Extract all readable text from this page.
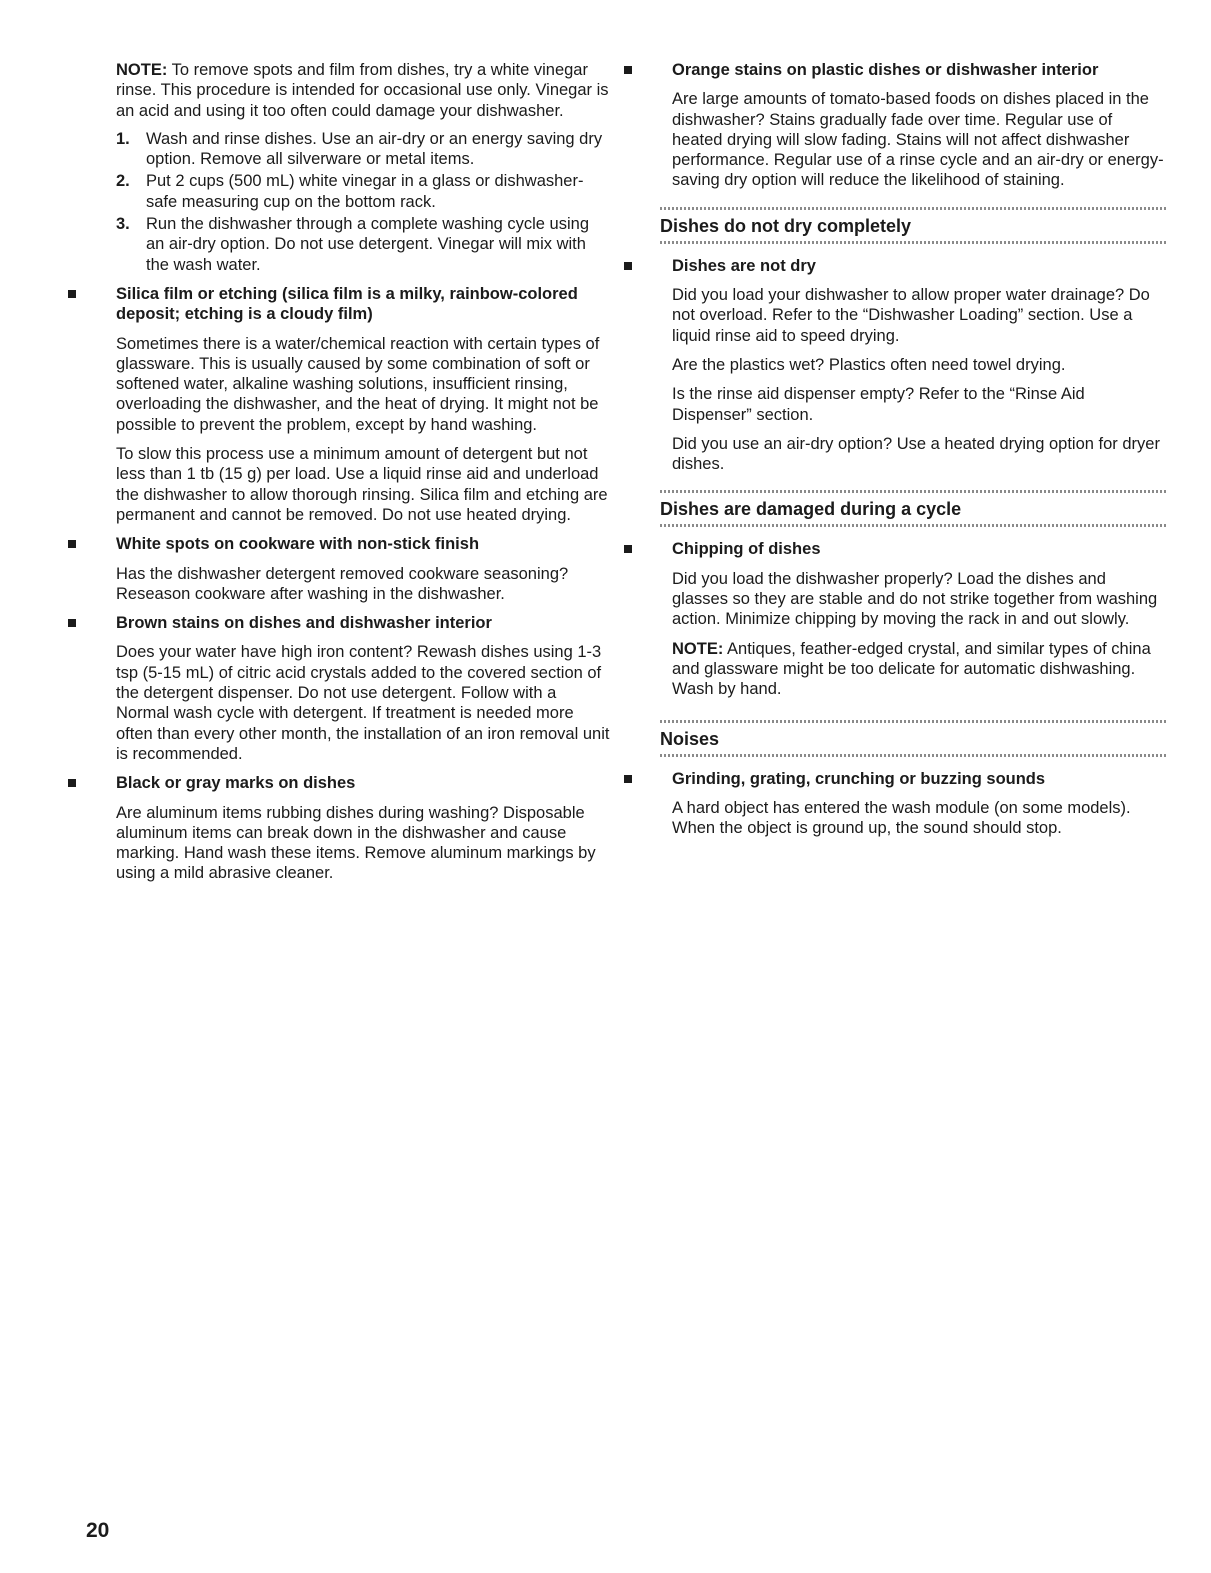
NOTE: To remove spots and film from dishes, try a white vinegar rinse. This procedure is intended for occasional use only. Vinegar is an acid and using it too often could damage your dishwasher.

1. Wash and rinse dishes. Use an air-dry or an energy saving dry option. Remove all silverware or metal items.
2. Put 2 cups (500 mL) white vinegar in a glass or dishwasher-safe measuring cup on the bottom rack.
3. Run the dishwasher through a complete washing cycle using an air-dry option. Do not use detergent. Vinegar will mix with the wash water.
Silica film or etching (silica film is a milky, rainbow-colored deposit; etching is a cloudy film)

Sometimes there is a water/chemical reaction with certain types of glassware. This is usually caused by some combination of soft or softened water, alkaline washing solutions, insufficient rinsing, overloading the dishwasher, and the heat of drying. It might not be possible to prevent the problem, except by hand washing.

To slow this process use a minimum amount of detergent but not less than 1 tb (15 g) per load. Use a liquid rinse aid and underload the dishwasher to allow thorough rinsing. Silica film and etching are permanent and cannot be removed. Do not use heated drying.

White spots on cookware with non-stick finish

Has the dishwasher detergent removed cookware seasoning? Reseason cookware after washing in the dishwasher.

Brown stains on dishes and dishwasher interior

Does your water have high iron content? Rewash dishes using 1-3 tsp (5-15 mL) of citric acid crystals added to the covered section of the detergent dispenser. Do not use detergent. Follow with a Normal wash cycle with detergent. If treatment is needed more often than every other month, the installation of an iron removal unit is recommended.

Black or gray marks on dishes

Are aluminum items rubbing dishes during washing? Disposable aluminum items can break down in the dishwasher and cause marking. Hand wash these items. Remove aluminum markings by using a mild abrasive cleaner.

Orange stains on plastic dishes or dishwasher interior

Are large amounts of tomato-based foods on dishes placed in the dishwasher? Stains gradually fade over time. Regular use of heated drying will slow fading. Stains will not affect dishwasher performance. Regular use of a rinse cycle and an air-dry or energy-saving dry option will reduce the likelihood of staining.

Dishes do not dry completely
Dishes are not dry

Did you load your dishwasher to allow proper water drainage? Do not overload. Refer to the “Dishwasher Loading” section. Use a liquid rinse aid to speed drying.

Are the plastics wet? Plastics often need towel drying.

Is the rinse aid dispenser empty? Refer to the “Rinse Aid Dispenser” section.

Did you use an air-dry option? Use a heated drying option for dryer dishes.

Dishes are damaged during a cycle
Chipping of dishes

Did you load the dishwasher properly? Load the dishes and glasses so they are stable and do not strike together from washing action. Minimize chipping by moving the rack in and out slowly.

NOTE: Antiques, feather-edged crystal, and similar types of china and glassware might be too delicate for automatic dishwashing. Wash by hand.

Noises
Grinding, grating, crunching or buzzing sounds

A hard object has entered the wash module (on some models). When the object is ground up, the sound should stop.

20
